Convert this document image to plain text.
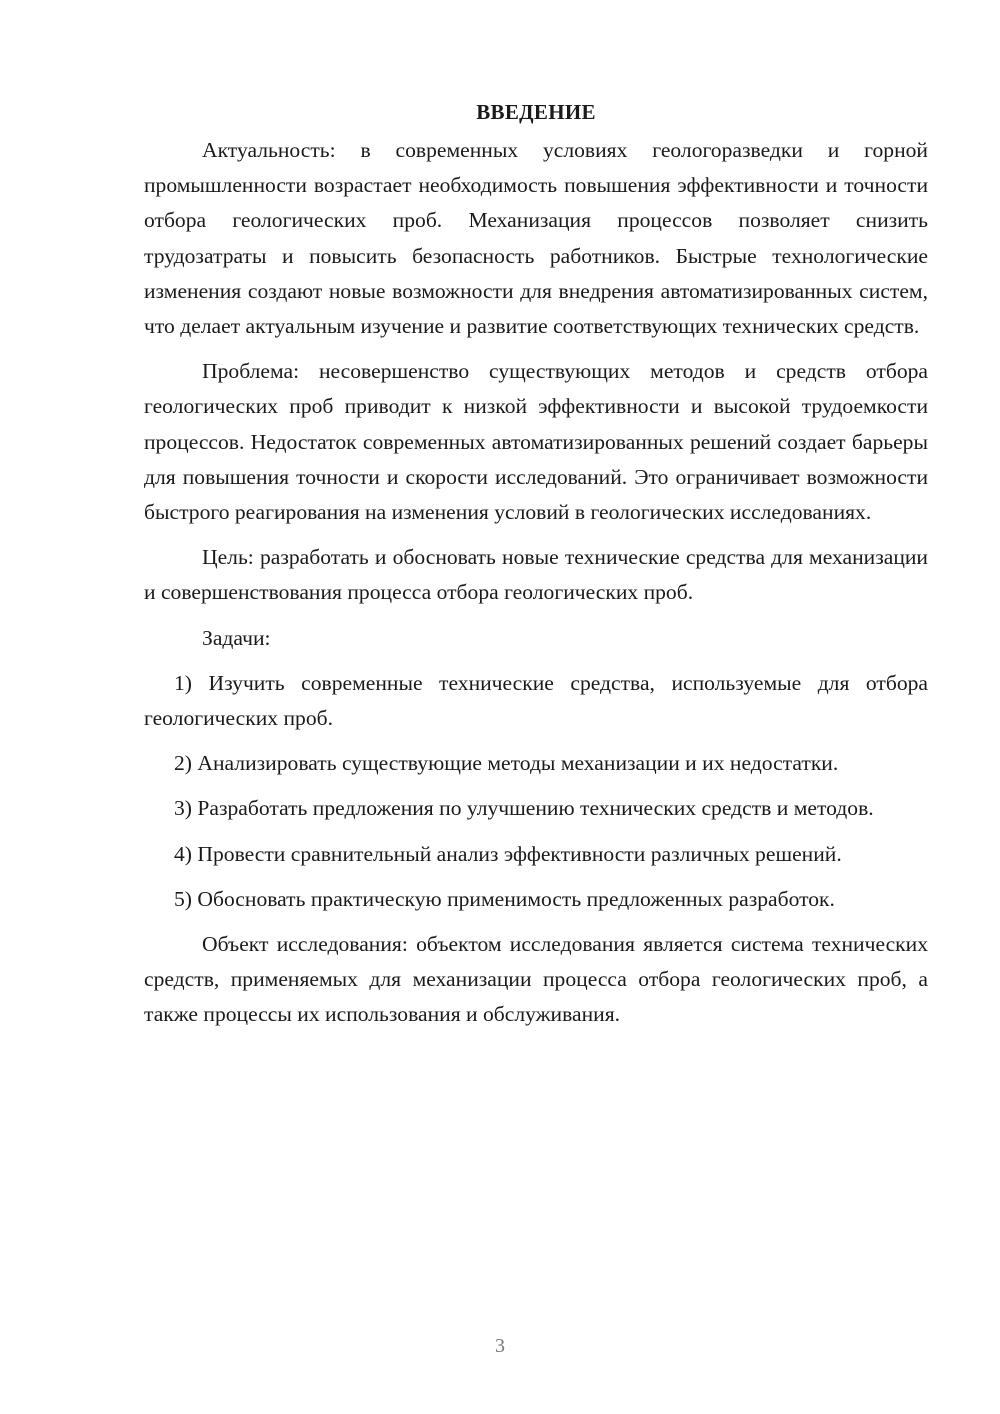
ВВЕДЕНИЕ

Актуальность: в современных условиях геологоразведки и горной промышленности возрастает необходимость повышения эффективности и точности отбора геологических проб. Механизация процессов позволяет снизить трудозатраты и повысить безопасность работников. Быстрые технологические изменения создают новые возможности для внедрения автоматизированных систем, что делает актуальным изучение и развитие соответствующих технических средств.

Проблема: несовершенство существующих методов и средств отбора геологических проб приводит к низкой эффективности и высокой трудоемкости процессов. Недостаток современных автоматизированных решений создает барьеры для повышения точности и скорости исследований. Это ограничивает возможности быстрого реагирования на изменения условий в геологических исследованиях.

Цель: разработать и обосновать новые технические средства для механизации и совершенствования процесса отбора геологических проб.

Задачи:

1) Изучить современные технические средства, используемые для отбора геологических проб.

2) Анализировать существующие методы механизации и их недостатки.

3) Разработать предложения по улучшению технических средств и методов.

4) Провести сравнительный анализ эффективности различных решений.

5) Обосновать практическую применимость предложенных разработок.

Объект исследования: объектом исследования является система технических средств, применяемых для механизации процесса отбора геологических проб, а также процессы их использования и обслуживания.

3
